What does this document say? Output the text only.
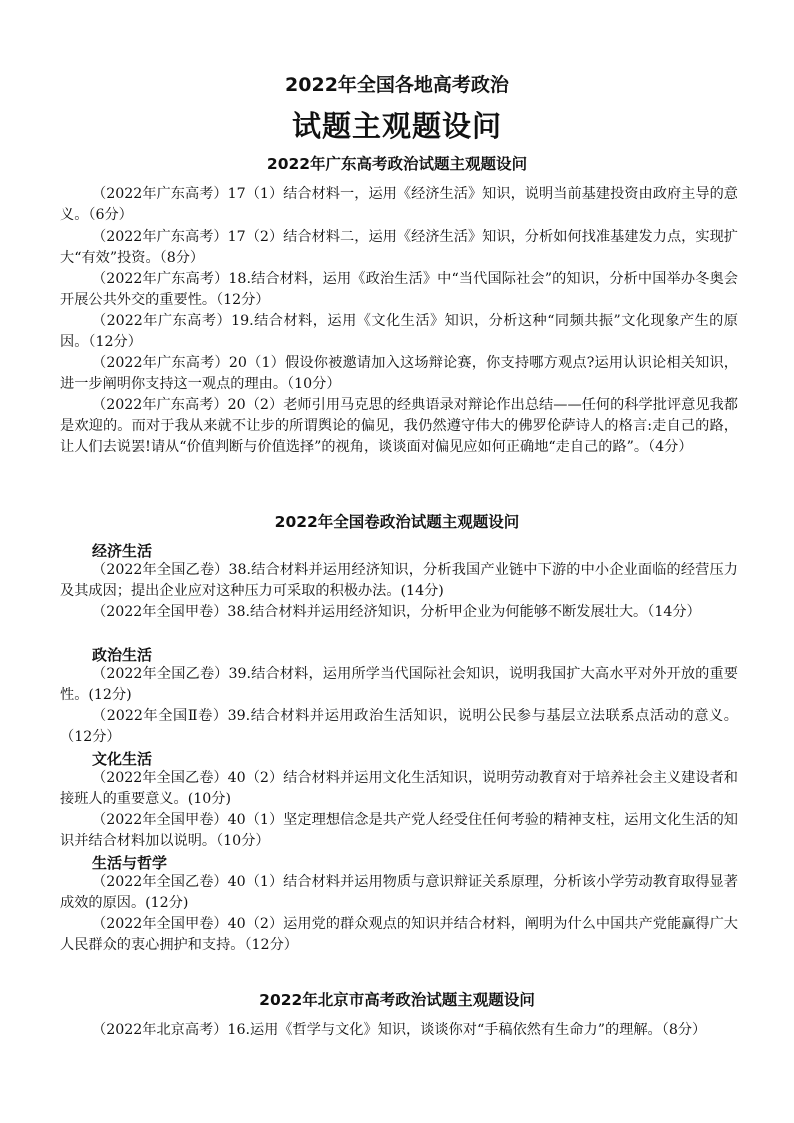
2022年全国各地高考政治
试题主观题设问
2022年广东高考政治试题主观题设问

（2022年广东高考）17（1）结合材料一，运用《经济生活》知识，说明当前基建投资由政府主导的意义。（6分）

（2022年广东高考）17（2）结合材料二，运用《经济生活》知识，分析如何找准基建发力点，实现扩大“有效”投资。（8分）

（2022年广东高考）18.结合材料，运用《政治生活》中“当代国际社会”的知识，分析中国举办冬奥会开展公共外交的重要性。（12分）

（2022年广东高考）19.结合材料，运用《文化生活》知识，分析这种“同频共振”文化现象产生的原因。（12分）

（2022年广东高考）20（1）假设你被邀请加入这场辩论赛，你支持哪方观点?运用认识论相关知识，进一步阐明你支持这一观点的理由。（10分）

（2022年广东高考）20（2）老师引用马克思的经典语录对辩论作出总结——任何的科学批评意见我都是欢迎的。而对于我从来就不让步的所谓舆论的偏见，我仍然遵守伟大的佛罗伦萨诗人的格言:走自己的路，让人们去说罢!请从“价值判断与价值选择”的视角，谈谈面对偏见应如何正确地“走自己的路”。（4分）

2022年全国卷政治试题主观题设问
经济生活

（2022年全国乙卷）38.结合材料并运用经济知识，分析我国产业链中下游的中小企业面临的经营压力及其成因；提出企业应对这种压力可采取的积极办法。(14分)

（2022年全国甲卷）38.结合材料并运用经济知识，分析甲企业为何能够不断发展壮大。（14分）

政治生活

（2022年全国乙卷）39.结合材料，运用所学当代国际社会知识，说明我国扩大高水平对外开放的重要性。(12分)

（2022年全国Ⅱ卷）39.结合材料并运用政治生活知识，说明公民参与基层立法联系点活动的意义。（12分）

文化生活

（2022年全国乙卷）40（2）结合材料并运用文化生活知识，说明劳动教育对于培养社会主义建设者和接班人的重要意义。(10分)

（2022年全国甲卷）40（1）坚定理想信念是共产党人经受住任何考验的精神支柱，运用文化生活的知识并结合材料加以说明。（10分）

生活与哲学

（2022年全国乙卷）40（1）结合材料并运用物质与意识辩证关系原理，分析该小学劳动教育取得显著成效的原因。(12分)

（2022年全国甲卷）40（2）运用党的群众观点的知识并结合材料，阐明为什么中国共产党能赢得广大人民群众的衷心拥护和支持。（12分）

2022年北京市高考政治试题主观题设问

（2022年北京高考）16.运用《哲学与文化》知识，谈谈你对“手稿依然有生命力”的理解。（8分）
